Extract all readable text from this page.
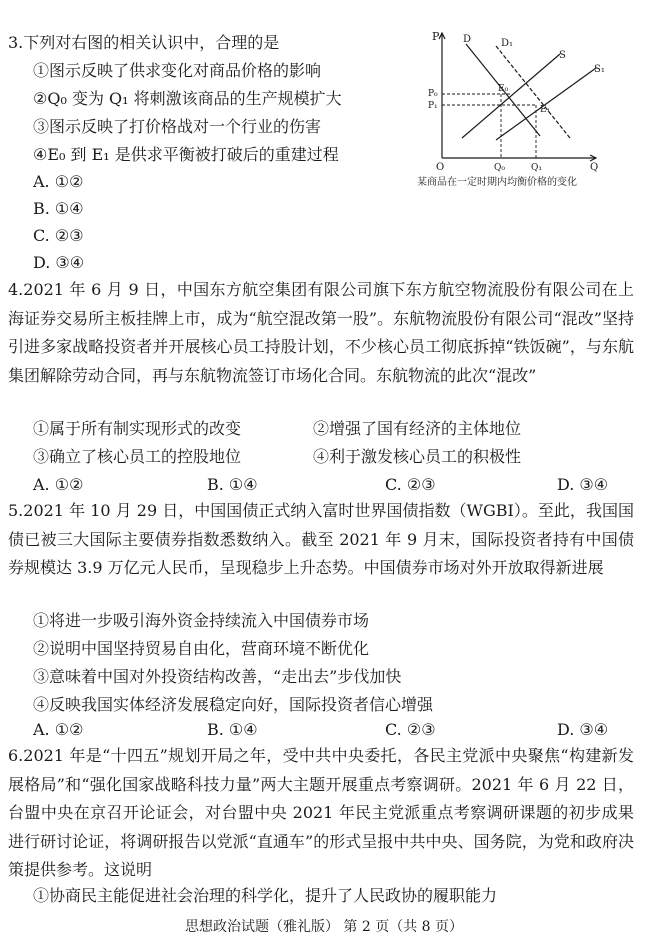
3.下列对右图的相关认识中，合理的是
①图示反映了供求变化对商品价格的影响
②Q₀ 变为 Q₁ 将刺激该商品的生产规模扩大
③图示反映了打价格战对一个行业的伤害
④E₀ 到 E₁ 是供求平衡被打破后的重建过程
A. ①②
B. ①④
C. ②③
D. ③④
P
P₀
P₁
O	Q₀	Q₁	Q
D	D₁
S
S₁
E₀
E₁
某商品在一定时期内均衡价格的变化
4.2021 年 6 月 9 日，中国东方航空集团有限公司旗下东方航空物流股份有限公司在上海证券交易所主板挂牌上市，成为“航空混改第一股”。东航物流股份有限公司“混改”坚持引进多家战略投资者并开展核心员工持股计划，不少核心员工彻底拆掉“铁饭碗”，与东航集团解除劳动合同，再与东航物流签订市场化合同。东航物流的此次“混改”
①属于所有制实现形式的改变	②增强了国有经济的主体地位
③确立了核心员工的控股地位	④利于激发核心员工的积极性
A. ①②	B. ①④	C. ②③	D. ③④
5.2021 年 10 月 29 日，中国国债正式纳入富时世界国债指数（WGBI）。至此，我国国债已被三大国际主要债券指数悉数纳入。截至 2021 年 9 月末，国际投资者持有中国债券规模达 3.9 万亿元人民币，呈现稳步上升态势。中国债券市场对外开放取得新进展
①将进一步吸引海外资金持续流入中国债券市场
②说明中国坚持贸易自由化，营商环境不断优化
③意味着中国对外投资结构改善，“走出去”步伐加快
④反映我国实体经济发展稳定向好，国际投资者信心增强
A. ①②	B. ①④	C. ②③	D. ③④
6.2021 年是“十四五”规划开局之年，受中共中央委托，各民主党派中央聚焦“构建新发展格局”和“强化国家战略科技力量”两大主题开展重点考察调研。2021 年 6 月 22 日，台盟中央在京召开论证会，对台盟中央 2021 年民主党派重点考察调研课题的初步成果进行研讨论证，将调研报告以党派“直通车”的形式呈报中共中央、国务院，为党和政府决策提供参考。这说明
①协商民主能促进社会治理的科学化，提升了人民政协的履职能力
思想政治试题（雅礼版） 第 2 页（共 8 页）
